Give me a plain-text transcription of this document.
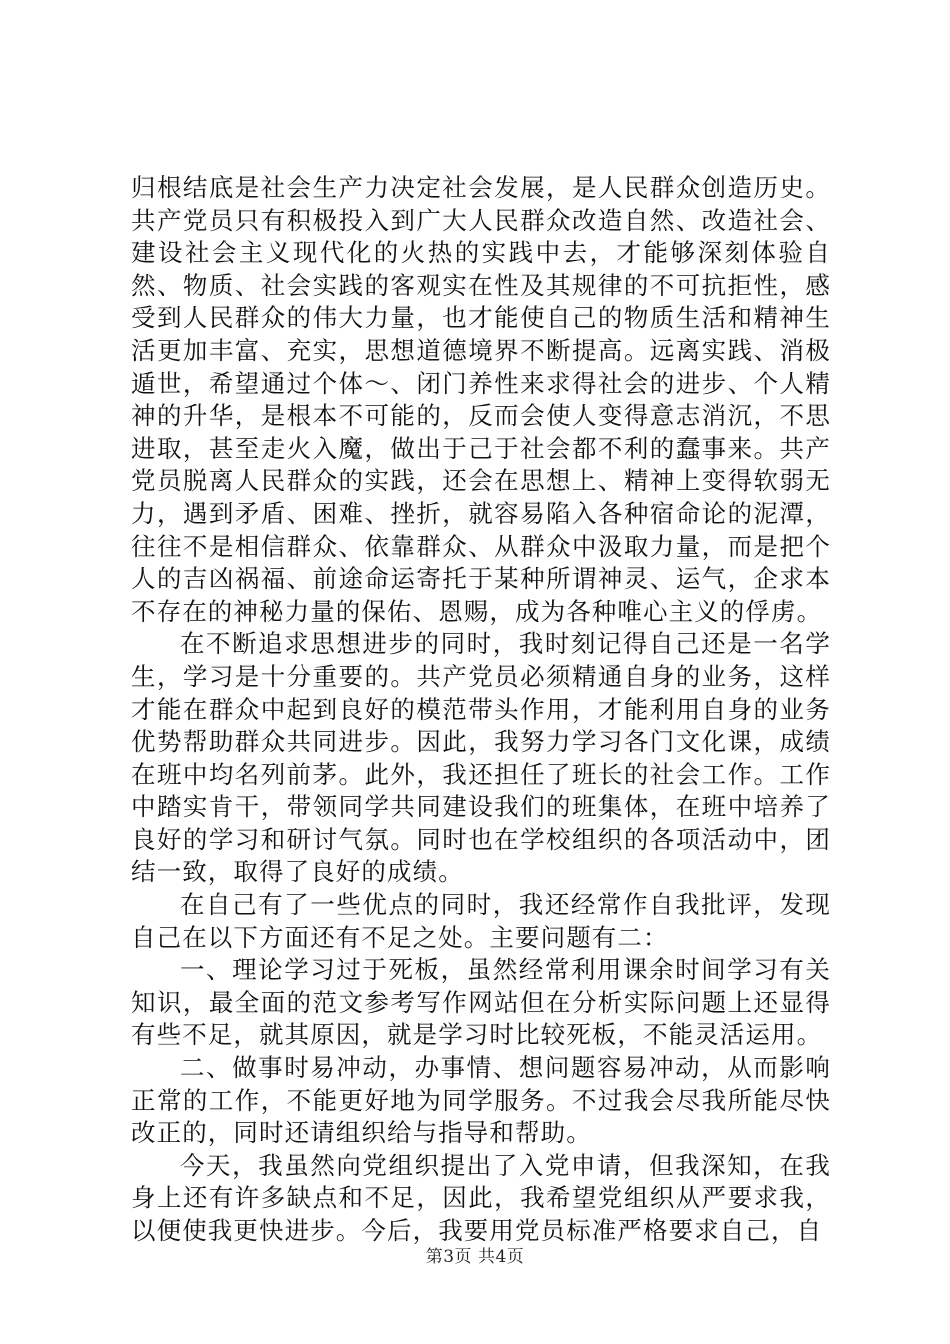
归根结底是社会生产力决定社会发展，是人民群众创造历史。共产党员只有积极投入到广大人民群众改造自然、改造社会、建设社会主义现代化的火热的实践中去，才能够深刻体验自然、物质、社会实践的客观实在性及其规律的不可抗拒性，感受到人民群众的伟大力量，也才能使自己的物质生活和精神生活更加丰富、充实，思想道德境界不断提高。远离实践、消极遁世，希望通过个体～、闭门养性来求得社会的进步、个人精神的升华，是根本不可能的，反而会使人变得意志消沉，不思进取，甚至走火入魔，做出于己于社会都不利的蠢事来。共产党员脱离人民群众的实践，还会在思想上、精神上变得软弱无力，遇到矛盾、困难、挫折，就容易陷入各种宿命论的泥潭，往往不是相信群众、依靠群众、从群众中汲取力量，而是把个人的吉凶祸福、前途命运寄托于某种所谓神灵、运气，企求本不存在的神秘力量的保佑、恩赐，成为各种唯心主义的俘虏。

在不断追求思想进步的同时，我时刻记得自己还是一名学生，学习是十分重要的。共产党员必须精通自身的业务，这样才能在群众中起到良好的模范带头作用，才能利用自身的业务优势帮助群众共同进步。因此，我努力学习各门文化课，成绩在班中均名列前茅。此外，我还担任了班长的社会工作。工作中踏实肯干，带领同学共同建设我们的班集体，在班中培养了良好的学习和研讨气氛。同时也在学校组织的各项活动中，团结一致，取得了良好的成绩。

在自己有了一些优点的同时，我还经常作自我批评，发现自己在以下方面还有不足之处。主要问题有二：

一、理论学习过于死板，虽然经常利用课余时间学习有关知识，最全面的范文参考写作网站但在分析实际问题上还显得有些不足，就其原因，就是学习时比较死板，不能灵活运用。

二、做事时易冲动，办事情、想问题容易冲动，从而影响正常的工作，不能更好地为同学服务。不过我会尽我所能尽快改正的，同时还请组织给与指导和帮助。

今天，我虽然向党组织提出了入党申请，但我深知，在我身上还有许多缺点和不足，因此，我希望党组织从严要求我，以便使我更快进步。今后，我要用党员标准严格要求自己，自

第3页 共4页
